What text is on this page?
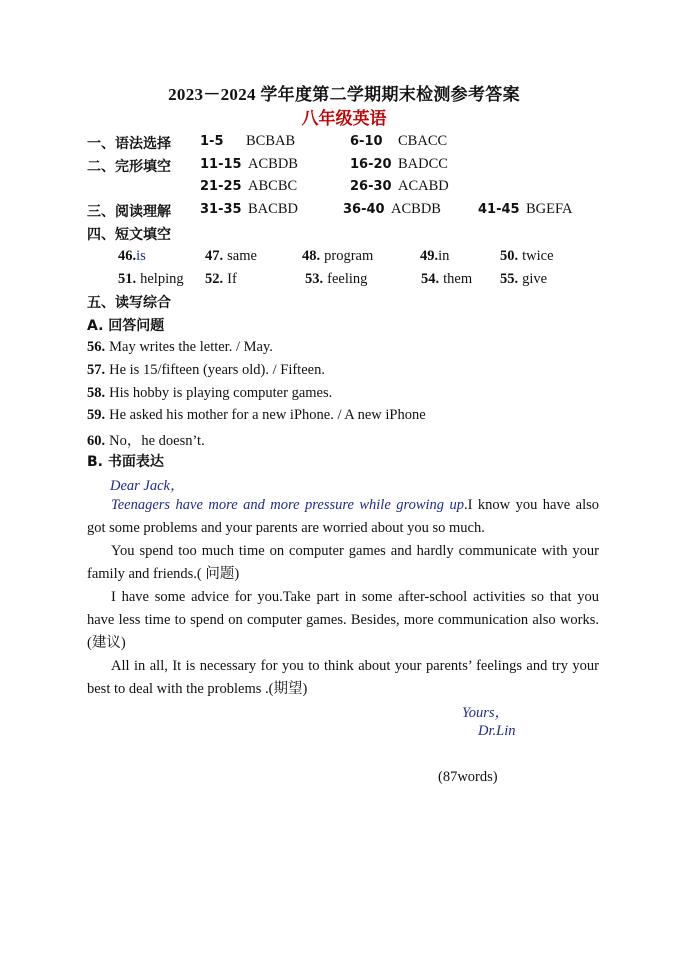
2023－2024 学年度第二学期期末检测参考答案
八年级英语
一、语法选择 1-5 BCBAB	6-10 CBACC
二、完形填空 11-15 ACBDB	16-20 BADCC
21-25 ABCBC	26-30 ACABD
三、阅读理解 31-35 BACBD	36-40 ACBDB	41-45 BGEFA
四、短文填空
46.is	47. same	48. program	49.in	50. twice
51. helping 52. If	53. feeling	54. them 55. give
五、读写综合
A. 回答问题
56. May writes the letter. / May.
57. He is 15/fifteen (years old). / Fifteen.
58. His hobby is playing computer games.
59. He asked his mother for a new iPhone. / A new iPhone
60. No，he doesn’t.
B. 书面表达
Dear Jack，
Teenagers have more and more pressure while growing up.I know you have also got some problems and your parents are worried about you so much.
You spend too much time on computer games and hardly communicate with your family and friends.( 问题)
I have some advice for you.Take part in some after-school activities so that you have less time to spend on computer games. Besides, more communication also works.(建议)
All in all, It is necessary for you to think about your parents’ feelings and try your best to deal with the problems .(期望)
Yours，
Dr.Lin
(87words)
